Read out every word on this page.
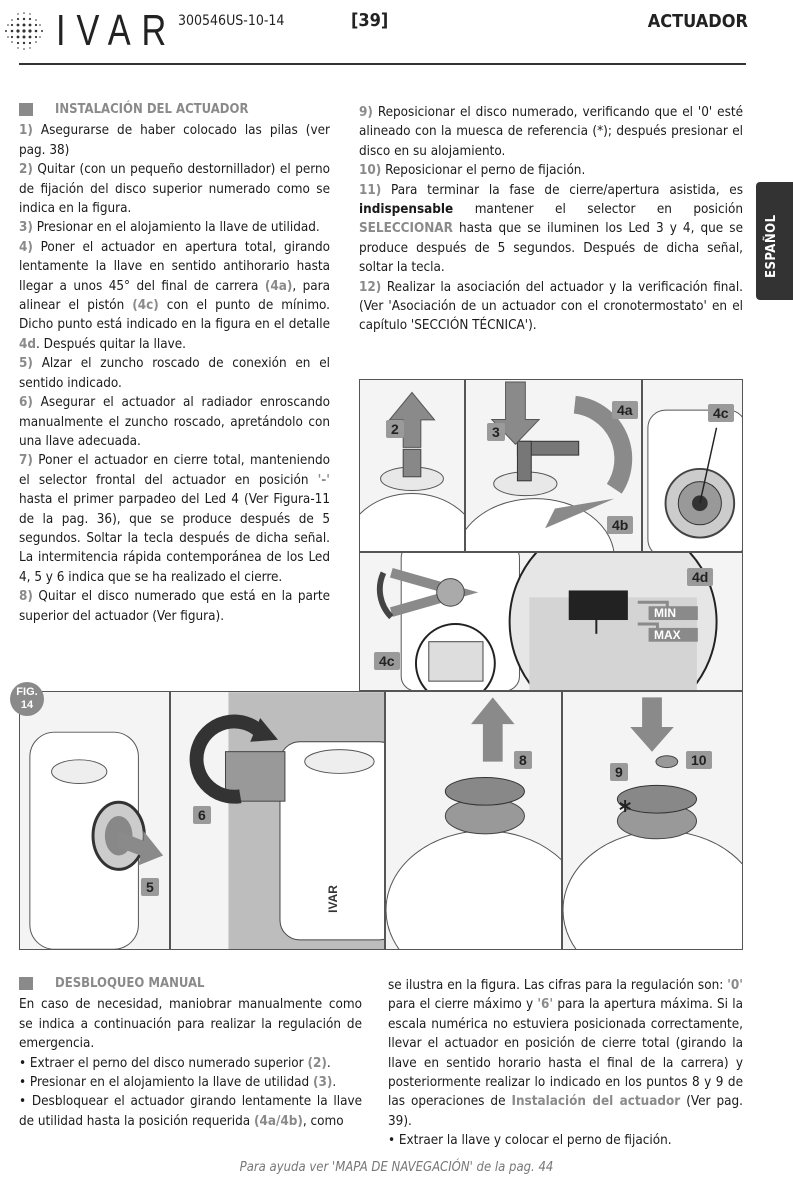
IVAR 300546US-10-14	[39]	ACTUADOR
ESPAÑOL
INSTALACIÓN DEL ACTUADOR

1) Asegurarse de haber colocado las pilas (ver pag. 38)

2) Quitar (con un pequeño destornillador) el perno de fijación del disco superior numerado como se indica en la figura.

3) Presionar en el alojamiento la llave de utilidad.

4) Poner el actuador en apertura total, girando lentamente la llave en sentido antihorario hasta llegar a unos 45° del final de carrera (4a), para alinear el pistón (4c) con el punto de mínimo. Dicho punto está indicado en la figura en el detalle 4d. Después quitar la llave.

5) Alzar el zuncho roscado de conexión en el sentido indicado.

6) Asegurar el actuador al radiador enroscando manualmente el zuncho roscado, apretándolo con una llave adecuada.

7) Poner el actuador en cierre total, manteniendo el selector frontal del actuador en posición '-' hasta el primer parpadeo del Led 4 (Ver Figura-11 de la pag. 36), que se produce después de 5 segundos. Soltar la tecla después de dicha señal. La intermitencia rápida contemporánea de los Led 4, 5 y 6 indica que se ha realizado el cierre.

8) Quitar el disco numerado que está en la parte superior del actuador (Ver figura).

9) Reposicionar el disco numerado, verificando que el '0' esté alineado con la muesca de referencia (*); después presionar el disco en su alojamiento.

10) Reposicionar el perno de fijación.

11) Para terminar la fase de cierre/apertura asistida, es indispensable mantener el selector en posición SELECCIONAR hasta que se iluminen los Led 3 y 4, que se produce después de 5 segundos. Después de dicha señal, soltar la tecla.

12) Realizar la asociación del actuador y la verificación final. (Ver 'Asociación de un actuador con el cronotermostato' en el capítulo 'SECCIÓN TÉCNICA').

2	3
4a
4b
4c
4d
4c
MIN
MAX
5
6
IVAR
8
9
10
*
FIG. 14
DESBLOQUEO MANUAL

En caso de necesidad, maniobrar manualmente como se indica a continuación para realizar la regulación de emergencia.

• Extraer el perno del disco numerado superior (2).

• Presionar en el alojamiento la llave de utilidad (3).

• Desbloquear el actuador girando lentamente la llave de utilidad hasta la posición requerida (4a/4b), como

se ilustra en la figura. Las cifras para la regulación son: '0' para el cierre máximo y '6' para la apertura máxima. Si la escala numérica no estuviera posicionada correctamente, llevar el actuador en posición de cierre total (girando la llave en sentido horario hasta el final de la carrera) y posteriormente realizar lo indicado en los puntos 8 y 9 de las operaciones de Instalación del actuador (Ver pag. 39).

• Extraer la llave y colocar el perno de fijación.

Para ayuda ver 'MAPA DE NAVEGACIÓN' de la pag. 44
